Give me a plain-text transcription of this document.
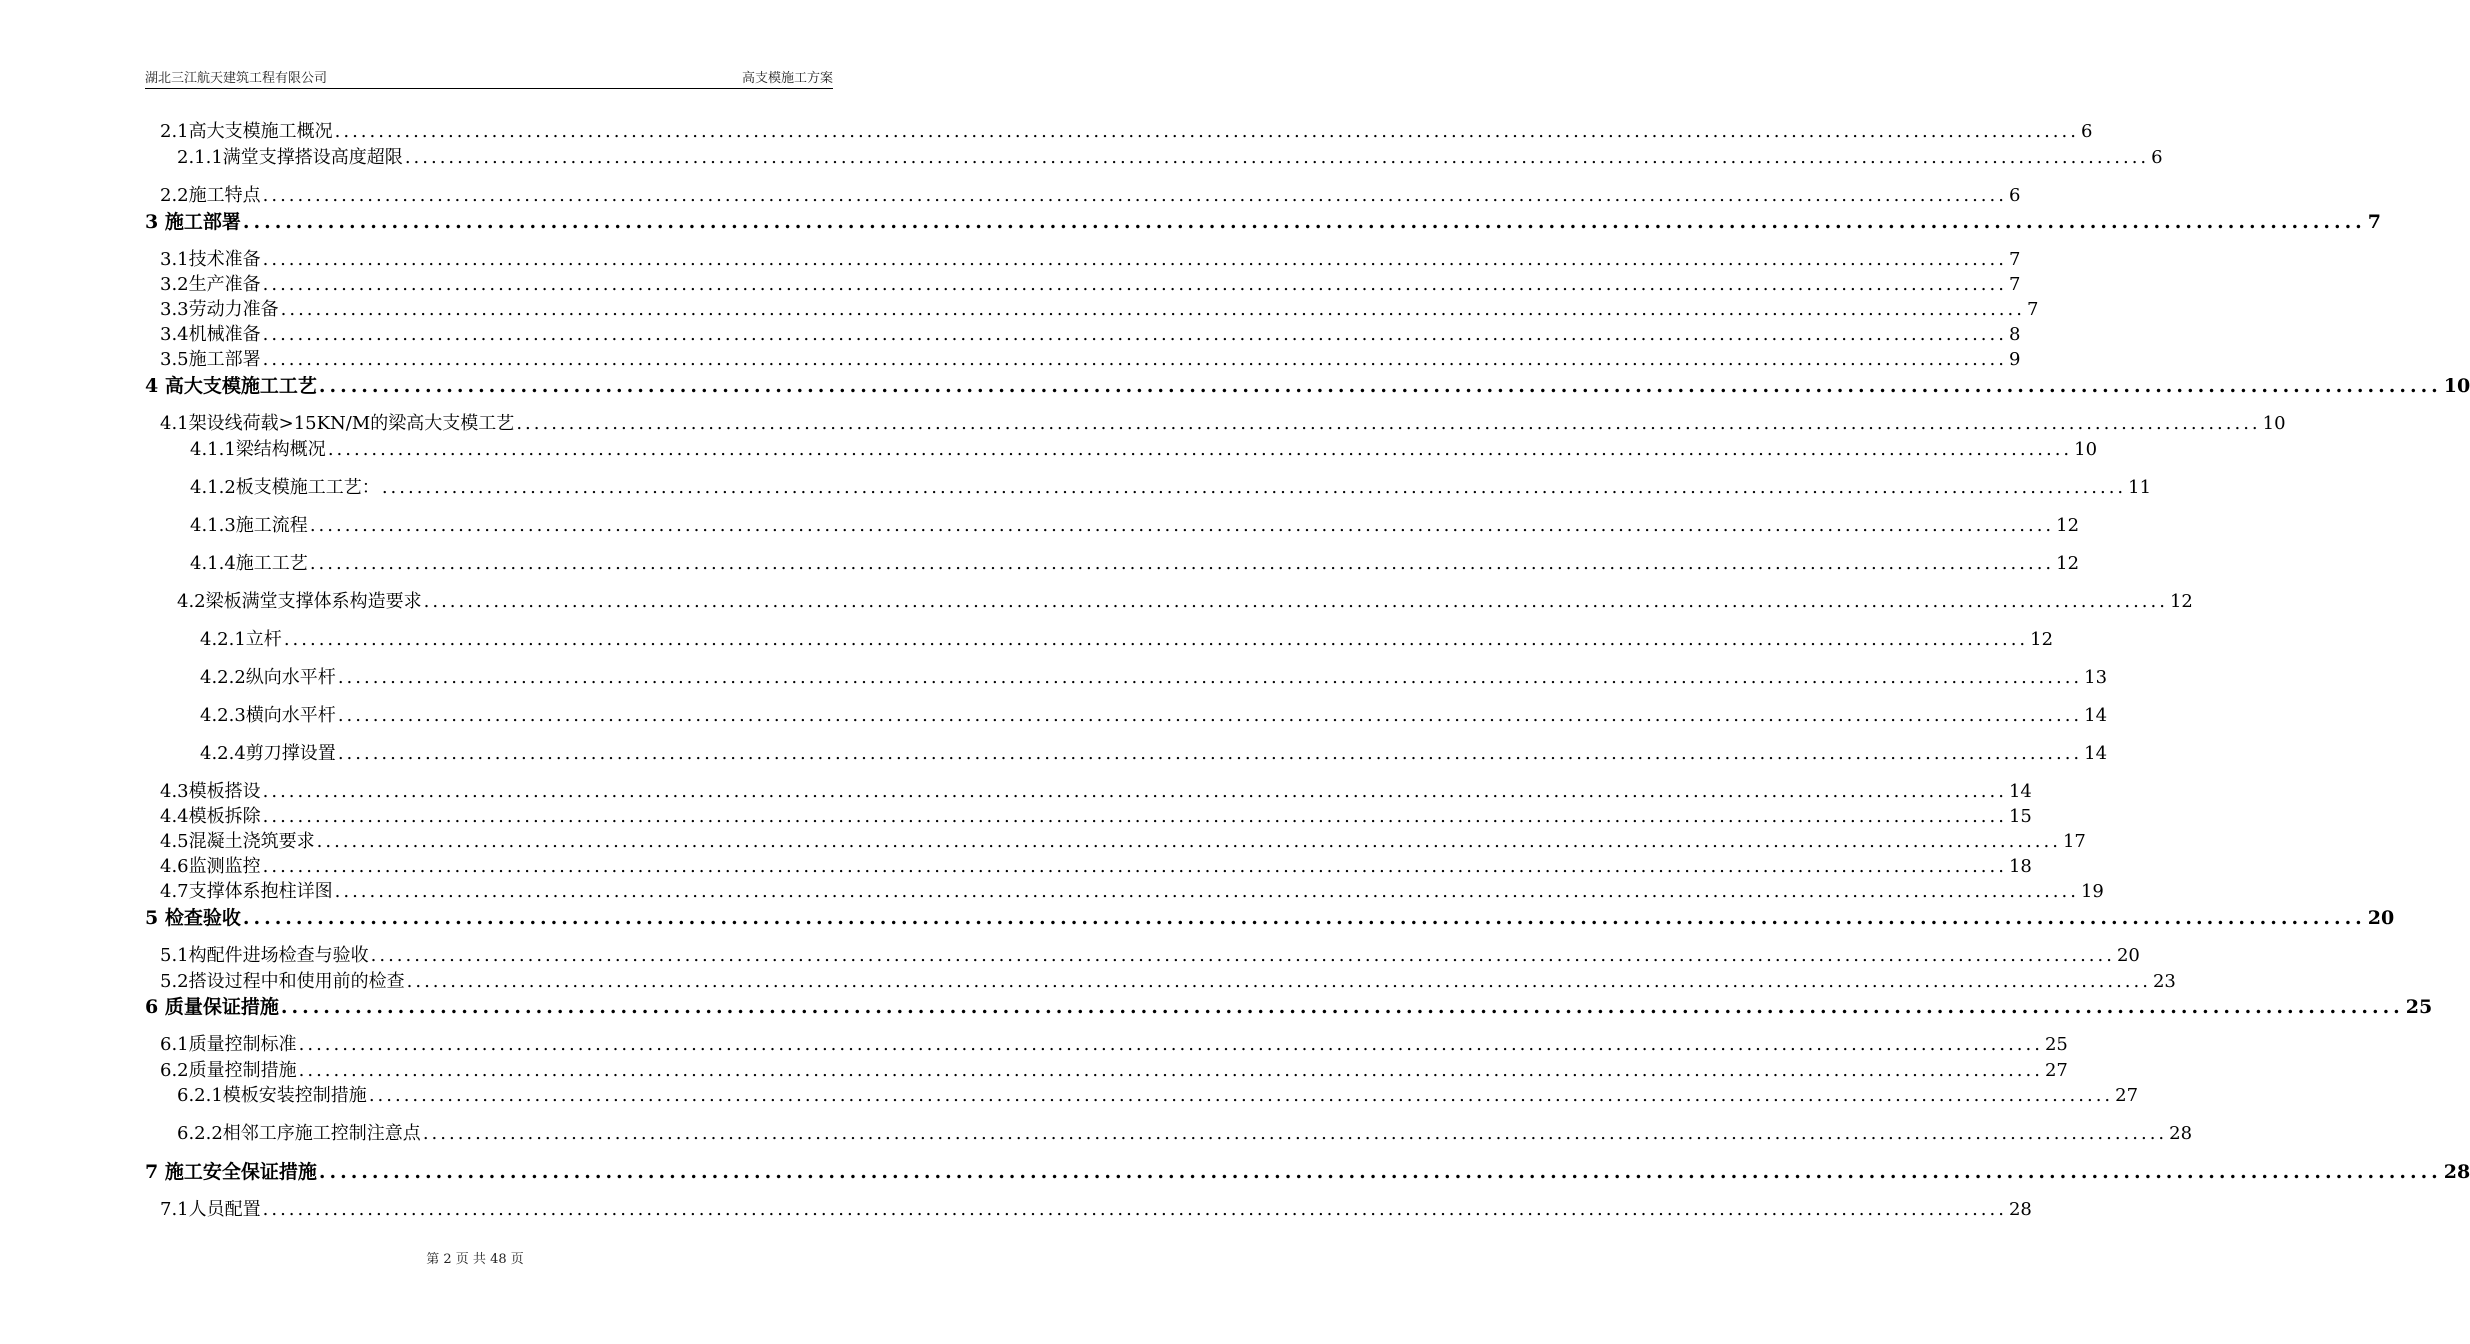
湖北三江航天建筑工程有限公司	高支模施工方案
2.1高大支模施工概况 ........................................................................................................................................................................................................ 6
2.1.1满堂支撑搭设高度超限 ........................................................................................................................................................................................................ 6
2.2施工特点 ........................................................................................................................................................................................................ 6
3 施工部署 ........................................................................................................................................................................................................ 7
3.1技术准备 ........................................................................................................................................................................................................ 7
3.2生产准备 ........................................................................................................................................................................................................ 7
3.3劳动力准备 ........................................................................................................................................................................................................ 7
3.4机械准备 ........................................................................................................................................................................................................ 8
3.5施工部署 ........................................................................................................................................................................................................ 9
4 高大支模施工工艺 ........................................................................................................................................................................................................ 10
4.1架设线荷载>15KN/M的梁高大支模工艺 ........................................................................................................................................................................................................ 10
4.1.1梁结构概况 ........................................................................................................................................................................................................ 10
4.1.2板支模施工工艺： ........................................................................................................................................................................................................ 11
4.1.3施工流程 ........................................................................................................................................................................................................ 12
4.1.4施工工艺 ........................................................................................................................................................................................................ 12
4.2梁板满堂支撑体系构造要求 ........................................................................................................................................................................................................ 12
4.2.1立杆 ........................................................................................................................................................................................................ 12
4.2.2纵向水平杆 ........................................................................................................................................................................................................ 13
4.2.3横向水平杆 ........................................................................................................................................................................................................ 14
4.2.4剪刀撑设置 ........................................................................................................................................................................................................ 14
4.3模板搭设 ........................................................................................................................................................................................................ 14
4.4模板拆除 ........................................................................................................................................................................................................ 15
4.5混凝土浇筑要求 ........................................................................................................................................................................................................ 17
4.6监测监控 ........................................................................................................................................................................................................ 18
4.7支撑体系抱柱详图 ........................................................................................................................................................................................................ 19
5 检查验收 ........................................................................................................................................................................................................ 20
5.1构配件进场检查与验收 ........................................................................................................................................................................................................ 20
5.2搭设过程中和使用前的检查 ........................................................................................................................................................................................................ 23
6 质量保证措施 ........................................................................................................................................................................................................ 25
6.1质量控制标准 ........................................................................................................................................................................................................ 25
6.2质量控制措施 ........................................................................................................................................................................................................ 27
6.2.1模板安装控制措施 ........................................................................................................................................................................................................ 27
6.2.2相邻工序施工控制注意点 ........................................................................................................................................................................................................ 28
7 施工安全保证措施 ........................................................................................................................................................................................................ 28
7.1人员配置 ........................................................................................................................................................................................................ 28
第 2 页 共 48 页
